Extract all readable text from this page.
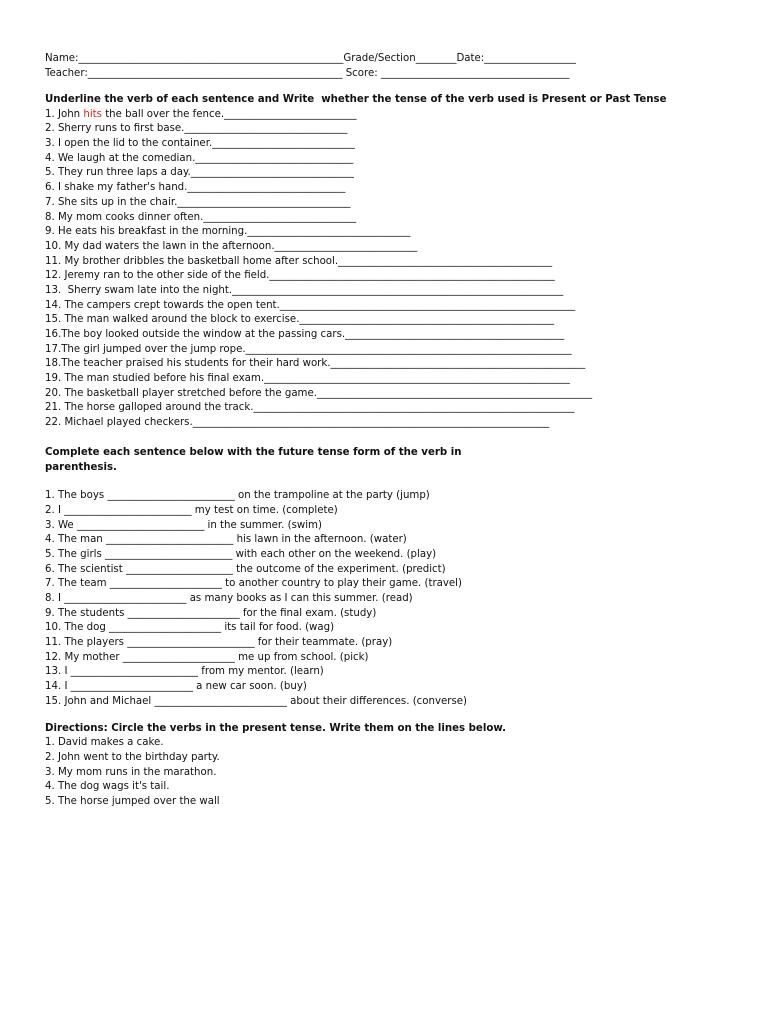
Name:____________________________________________________Grade/Section________Date:__________________
Teacher:__________________________________________________ Score: _____________________________________
Underline the verb of each sentence and Write  whether the tense of the verb used is Present or Past Tense
1. John hits the ball over the fence.__________________________
2. Sherry runs to first base.________________________________
3. I open the lid to the container.____________________________
4. We laugh at the comedian._______________________________
5. They run three laps a day.________________________________
6. I shake my father's hand._______________________________
7. She sits up in the chair.__________________________________
8. My mom cooks dinner often.______________________________
9. He eats his breakfast in the morning.________________________________
10. My dad waters the lawn in the afternoon.____________________________
11. My brother dribbles the basketball home after school.__________________________________________
12. Jeremy ran to the other side of the field.________________________________________________________
13.  Sherry swam late into the night._________________________________________________________________
14. The campers crept towards the open tent.__________________________________________________________
15. The man walked around the block to exercise.__________________________________________________
16.The boy looked outside the window at the passing cars.___________________________________________
17.The girl jumped over the jump rope.________________________________________________________________
18.The teacher praised his students for their hard work.__________________________________________________
19. The man studied before his final exam.____________________________________________________________
20. The basketball player stretched before the game.______________________________________________________
21. The horse galloped around the track._______________________________________________________________
22. Michael played checkers.______________________________________________________________________
Complete each sentence below with the future tense form of the verb in
parenthesis.
1. The boys _________________________ on the trampoline at the party (jump)
2. I _________________________ my test on time. (complete)
3. We _________________________ in the summer. (swim)
4. The man _________________________ his lawn in the afternoon. (water)
5. The girls _________________________ with each other on the weekend. (play)
6. The scientist _____________________ the outcome of the experiment. (predict)
7. The team ______________________ to another country to play their game. (travel)
8. I ________________________ as many books as I can this summer. (read)
9. The students ______________________ for the final exam. (study)
10. The dog ______________________ its tail for food. (wag)
11. The players _________________________ for their teammate. (pray)
12. My mother ______________________ me up from school. (pick)
13. I _________________________ from my mentor. (learn)
14. I ________________________ a new car soon. (buy)
15. John and Michael __________________________ about their differences. (converse)
Directions: Circle the verbs in the present tense. Write them on the lines below.
1. David makes a cake.
2. John went to the birthday party.
3. My mom runs in the marathon.
4. The dog wags it's tail.
5. The horse jumped over the wall
